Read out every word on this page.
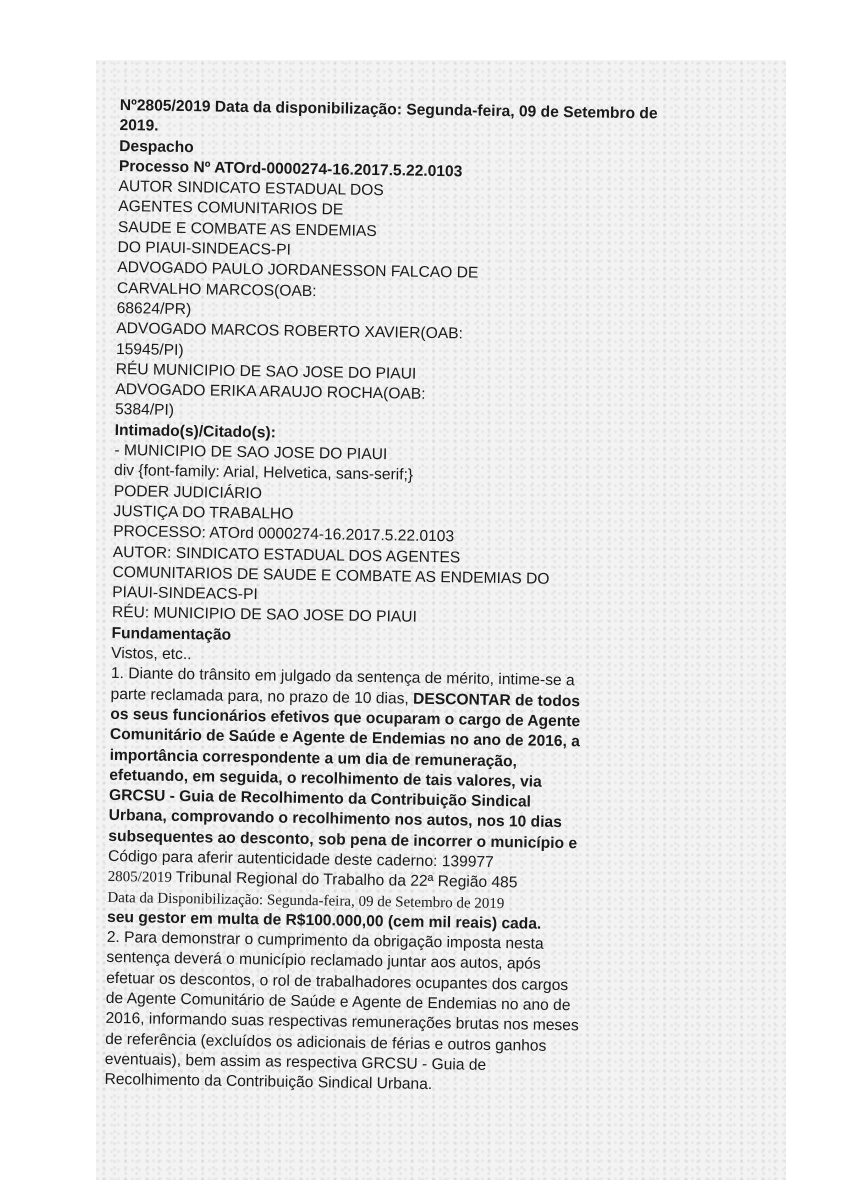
Nº2805/2019 Data da disponibilização: Segunda-feira, 09 de Setembro de
2019.
Despacho
Processo Nº ATOrd-0000274-16.2017.5.22.0103
AUTOR SINDICATO ESTADUAL DOS
AGENTES COMUNITARIOS DE
SAUDE E COMBATE AS ENDEMIAS
DO PIAUI-SINDEACS-PI
ADVOGADO PAULO JORDANESSON FALCAO DE
CARVALHO MARCOS(OAB:
68624/PR)
ADVOGADO MARCOS ROBERTO XAVIER(OAB:
15945/PI)
RÉU MUNICIPIO DE SAO JOSE DO PIAUI
ADVOGADO ERIKA ARAUJO ROCHA(OAB:
5384/PI)
Intimado(s)/Citado(s):
- MUNICIPIO DE SAO JOSE DO PIAUI
div {font-family: Arial, Helvetica, sans-serif;}
PODER JUDICIÁRIO
JUSTIÇA DO TRABALHO
PROCESSO: ATOrd 0000274-16.2017.5.22.0103
AUTOR: SINDICATO ESTADUAL DOS AGENTES
COMUNITARIOS DE SAUDE E COMBATE AS ENDEMIAS DO
PIAUI-SINDEACS-PI
RÉU: MUNICIPIO DE SAO JOSE DO PIAUI
Fundamentação
Vistos, etc..
1. Diante do trânsito em julgado da sentença de mérito, intime-se a
parte reclamada para, no prazo de 10 dias, DESCONTAR de todos
os seus funcionários efetivos que ocuparam o cargo de Agente
Comunitário de Saúde e Agente de Endemias no ano de 2016, a
importância correspondente a um dia de remuneração,
efetuando, em seguida, o recolhimento de tais valores, via
GRCSU - Guia de Recolhimento da Contribuição Sindical
Urbana, comprovando o recolhimento nos autos, nos 10 dias
subsequentes ao desconto, sob pena de incorrer o município e
Código para aferir autenticidade deste caderno: 139977
2805/2019 Tribunal Regional do Trabalho da 22ª Região 485
Data da Disponibilização: Segunda-feira, 09 de Setembro de 2019
seu gestor em multa de R$100.000,00 (cem mil reais) cada.
2. Para demonstrar o cumprimento da obrigação imposta nesta
sentença deverá o município reclamado juntar aos autos, após
efetuar os descontos, o rol de trabalhadores ocupantes dos cargos
de Agente Comunitário de Saúde e Agente de Endemias no ano de
2016, informando suas respectivas remunerações brutas nos meses
de referência (excluídos os adicionais de férias e outros ganhos
eventuais), bem assim as respectiva GRCSU - Guia de
Recolhimento da Contribuição Sindical Urbana.
